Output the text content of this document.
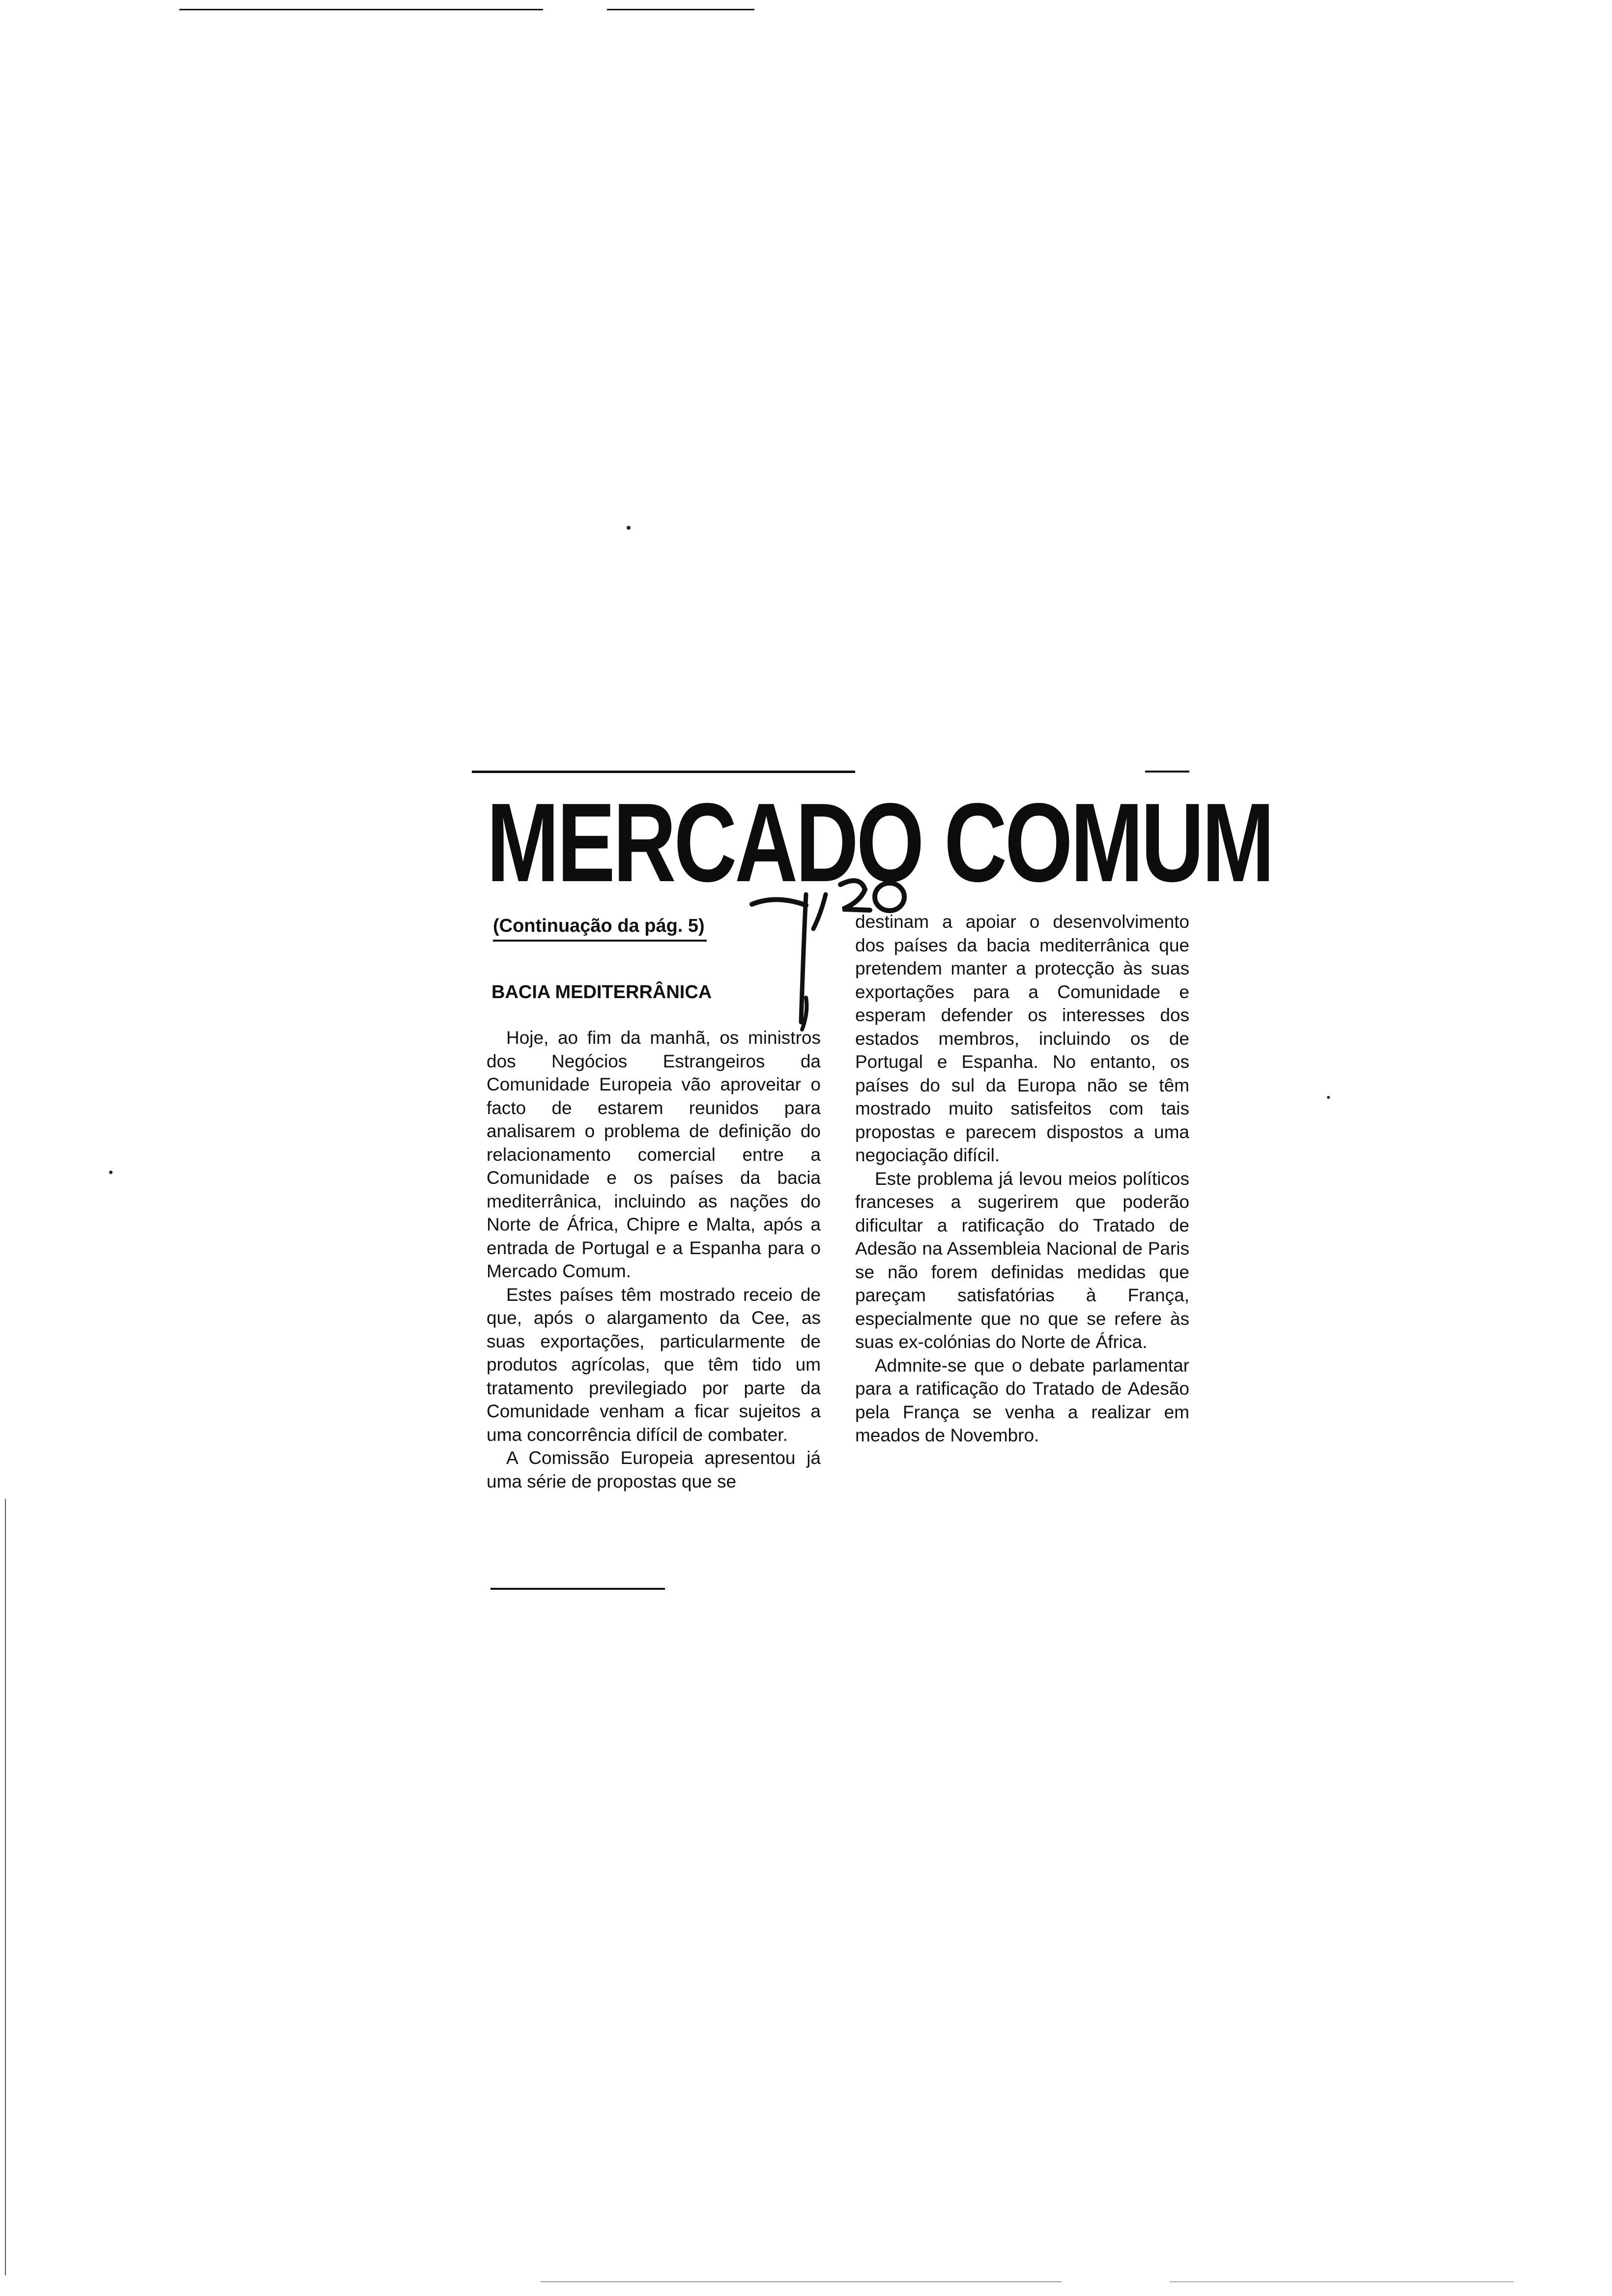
MERCADO COMUM
(Continuação da pág. 5)
BACIA MEDITERRÂNICA

Hoje, ao fim da manhã, os ministros dos Negócios Estrangeiros da Comunidade Europeia vão aproveitar o facto de estarem reunidos para analisarem o problema de definição do relacionamento comercial entre a Comunidade e os países da bacia mediterrânica, incluindo as nações do Norte de África, Chipre e Malta, após a entrada de Portugal e a Espanha para o Mercado Comum.

Estes países têm mostrado receio de que, após o alargamento da Cee, as suas exportações, particularmente de produtos agrícolas, que têm tido um tratamento previlegiado por parte da Comunidade venham a ficar sujeitos a uma concorrência difícil de combater.

A Comissão Europeia apresentou já uma série de propostas que se

destinam a apoiar o desenvolvimento dos países da bacia mediterrânica que pretendem manter a protecção às suas exportações para a Comunidade e esperam defender os interesses dos estados membros, incluindo os de Portugal e Espanha. No entanto, os países do sul da Europa não se têm mostrado muito satisfeitos com tais propostas e parecem dispostos a uma negociação difícil.

Este problema já levou meios políticos franceses a sugerirem que poderão dificultar a ratificação do Tratado de Adesão na Assembleia Nacional de Paris se não forem definidas medidas que pareçam satisfatórias à França, especialmente que no que se refere às suas ex-colónias do Norte de África.

Admnite-se que o debate parlamentar para a ratificação do Tratado de Adesão pela França se venha a realizar em meados de Novembro.
